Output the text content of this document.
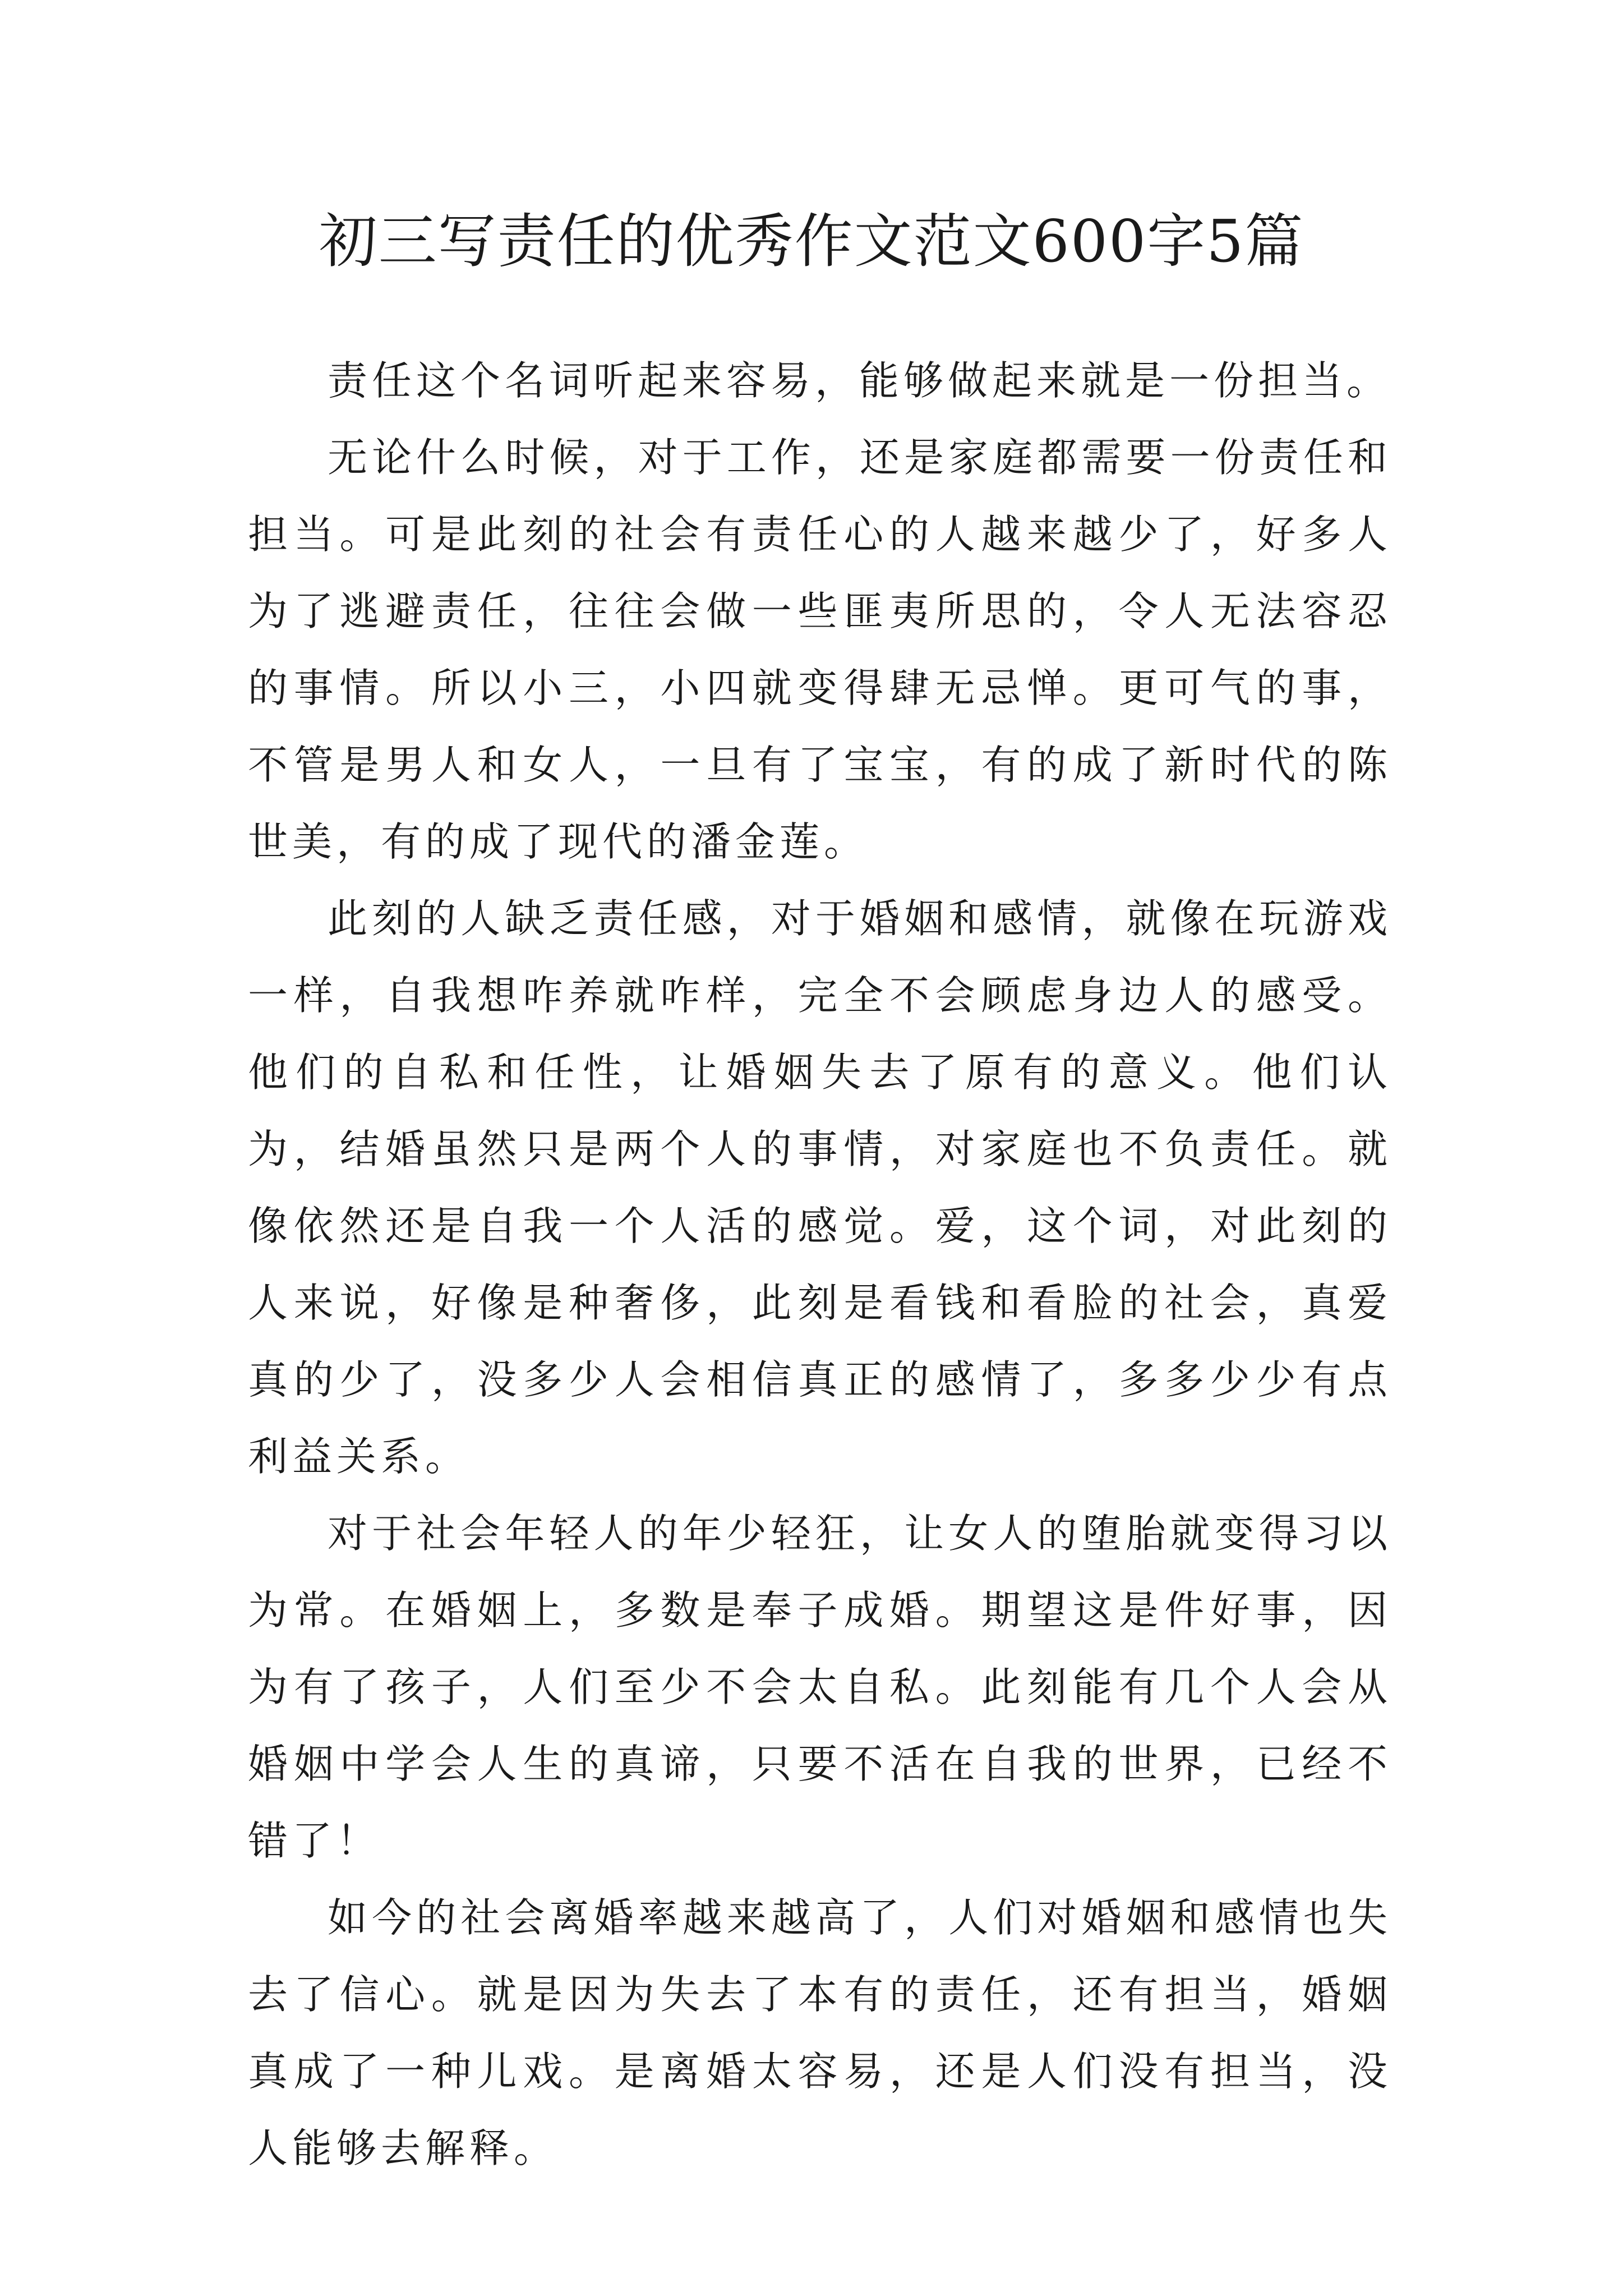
初三写责任的优秀作文范文600字5篇

责任这个名词听起来容易，能够做起来就是一份担当。

无论什么时候，对于工作，还是家庭都需要一份责任和担当。可是此刻的社会有责任心的人越来越少了，好多人为了逃避责任，往往会做一些匪夷所思的，令人无法容忍的事情。所以小三，小四就变得肆无忌惮。更可气的事，不管是男人和女人，一旦有了宝宝，有的成了新时代的陈世美，有的成了现代的潘金莲。

此刻的人缺乏责任感，对于婚姻和感情，就像在玩游戏一样，自我想咋养就咋样，完全不会顾虑身边人的感受。他们的自私和任性，让婚姻失去了原有的意义。他们认为，结婚虽然只是两个人的事情，对家庭也不负责任。就像依然还是自我一个人活的感觉。爱，这个词，对此刻的人来说，好像是种奢侈，此刻是看钱和看脸的社会，真爱真的少了，没多少人会相信真正的感情了，多多少少有点利益关系。

对于社会年轻人的年少轻狂，让女人的堕胎就变得习以为常。在婚姻上，多数是奉子成婚。期望这是件好事，因为有了孩子，人们至少不会太自私。此刻能有几个人会从婚姻中学会人生的真谛，只要不活在自我的世界，已经不错了！

如今的社会离婚率越来越高了，人们对婚姻和感情也失去了信心。就是因为失去了本有的责任，还有担当，婚姻真成了一种儿戏。是离婚太容易，还是人们没有担当，没人能够去解释。
